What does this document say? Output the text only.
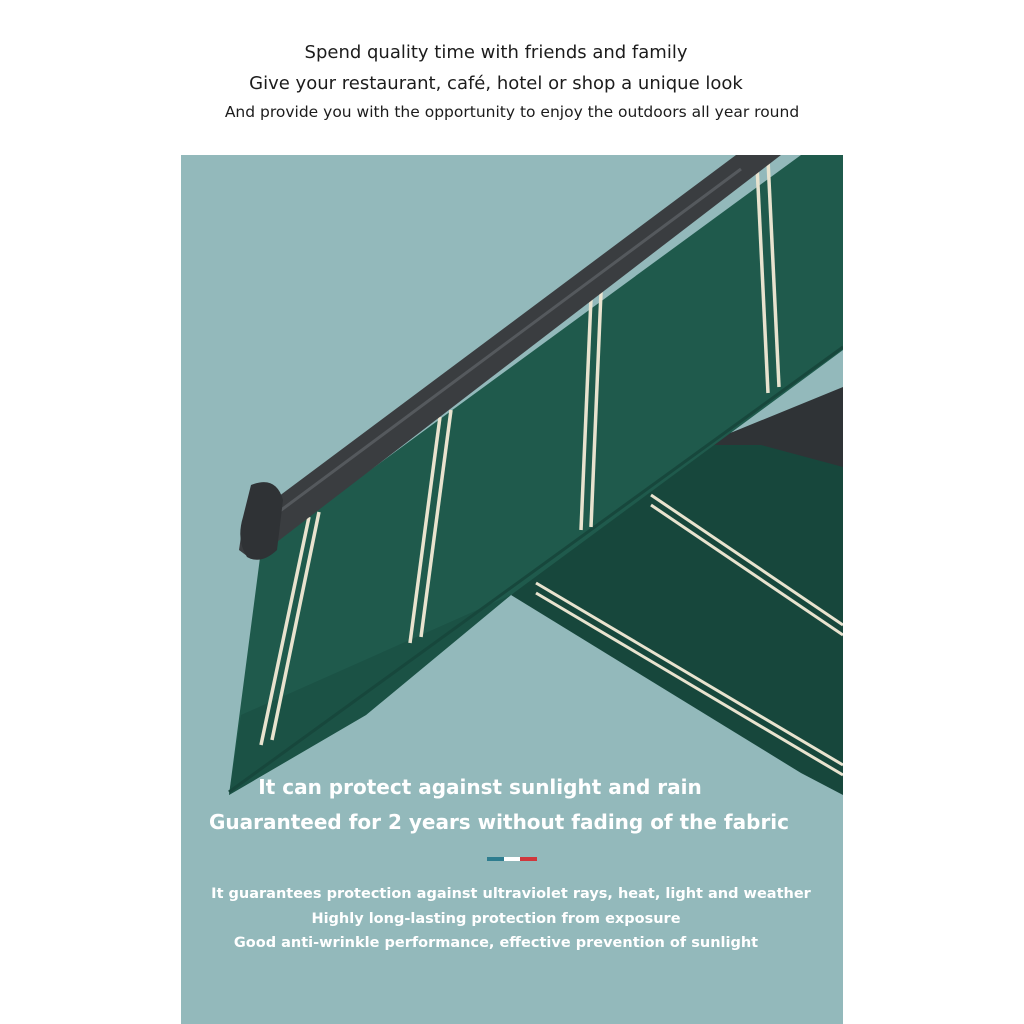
Spend quality time with friends and family
Give your restaurant, café, hotel or shop a unique look
And provide you with the opportunity to enjoy the outdoors all year round
It can protect against sunlight and rain
Guaranteed for 2 years without fading of the fabric
It guarantees protection against ultraviolet rays, heat, light and weather
Highly long-lasting protection from exposure
Good anti-wrinkle performance, effective prevention of sunlight
